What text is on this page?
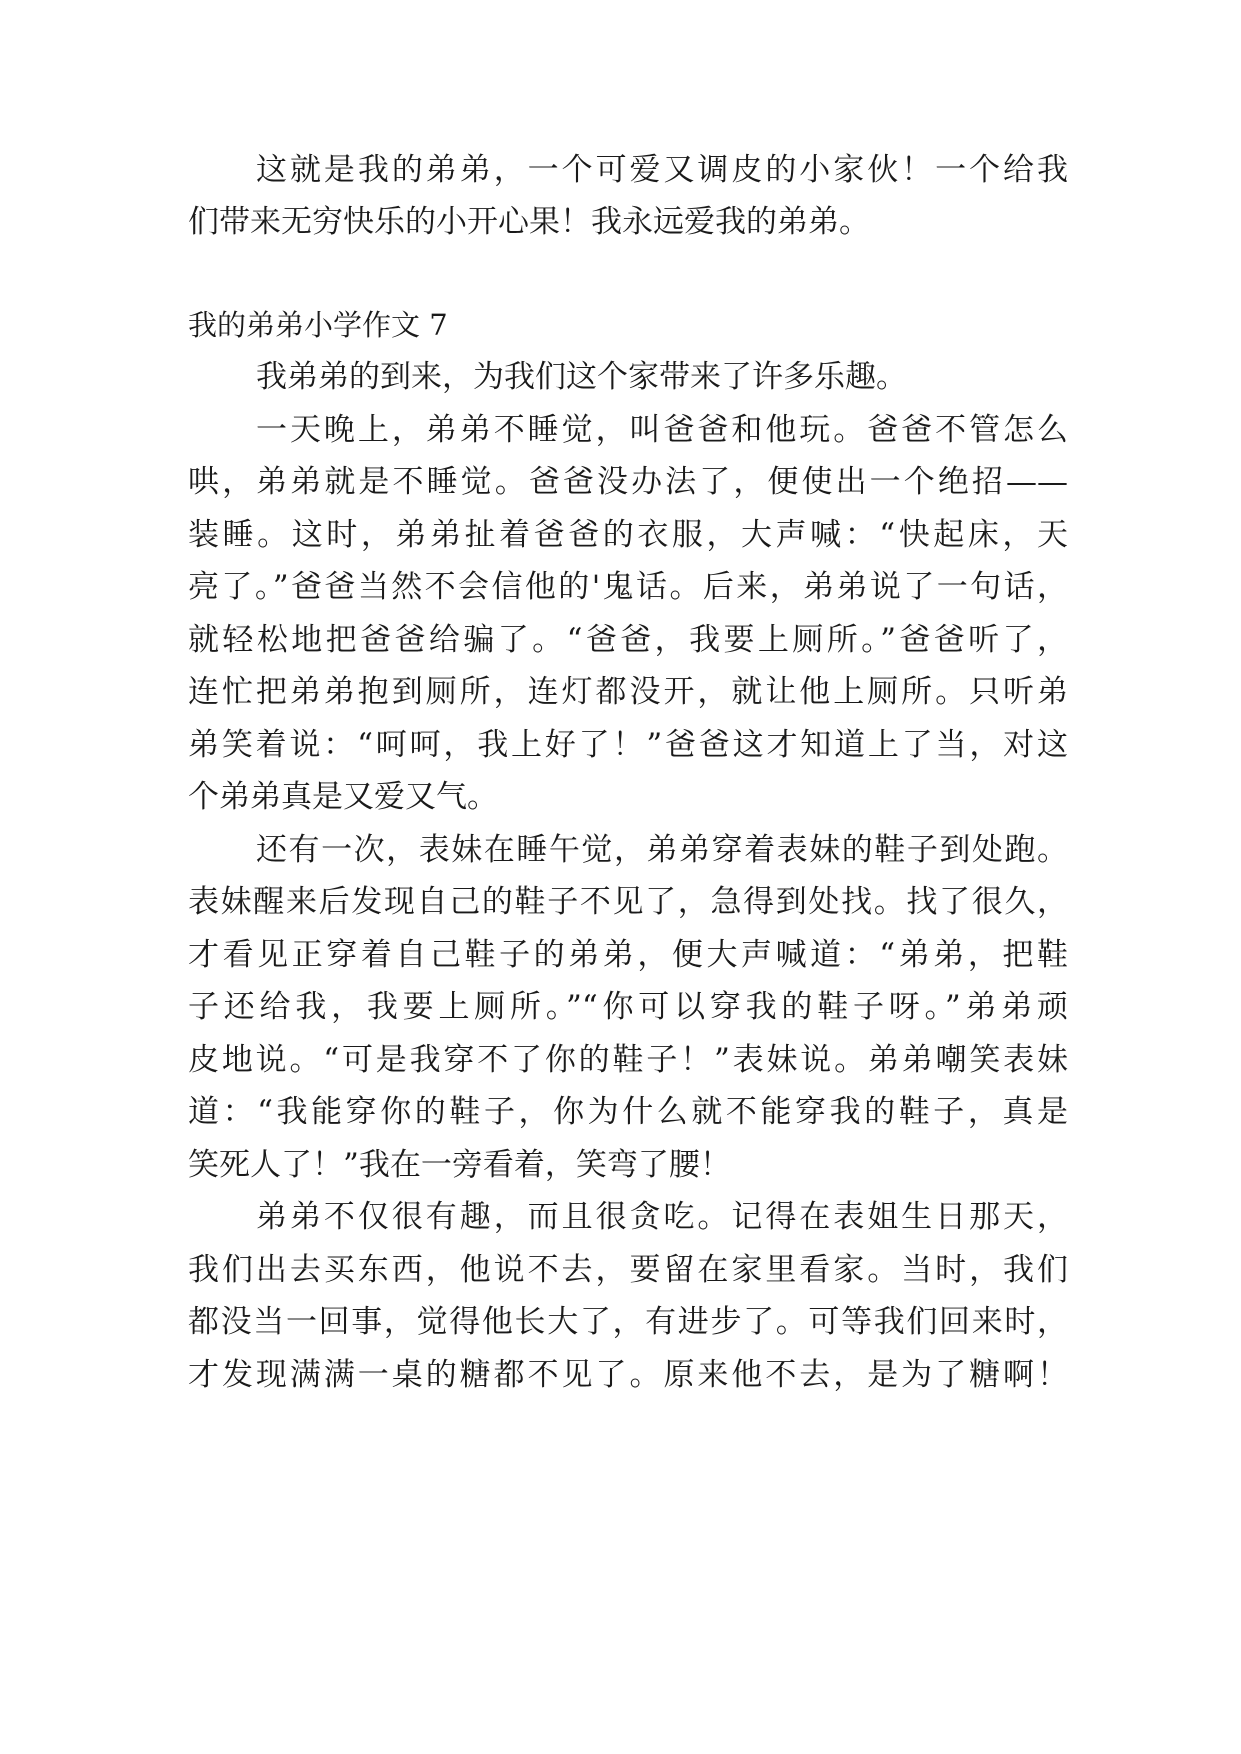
这就是我的弟弟，一个可爱又调皮的小家伙！一个给我

们带来无穷快乐的小开心果！我永远爱我的弟弟。

我的弟弟小学作文 7

我弟弟的到来，为我们这个家带来了许多乐趣。

一天晚上，弟弟不睡觉，叫爸爸和他玩。爸爸不管怎么

哄，弟弟就是不睡觉。爸爸没办法了，便使出一个绝招——

装睡。这时，弟弟扯着爸爸的衣服，大声喊：“快起床，天

亮了。”爸爸当然不会信他的'鬼话。后来，弟弟说了一句话，

就轻松地把爸爸给骗了。“爸爸，我要上厕所。”爸爸听了，

连忙把弟弟抱到厕所，连灯都没开，就让他上厕所。只听弟

弟笑着说：“呵呵，我上好了！”爸爸这才知道上了当，对这

个弟弟真是又爱又气。

还有一次，表妹在睡午觉，弟弟穿着表妹的鞋子到处跑。

表妹醒来后发现自己的鞋子不见了，急得到处找。找了很久，

才看见正穿着自己鞋子的弟弟，便大声喊道：“弟弟，把鞋

子还给我，我要上厕所。”“你可以穿我的鞋子呀。”弟弟顽

皮地说。“可是我穿不了你的鞋子！”表妹说。弟弟嘲笑表妹

道：“我能穿你的鞋子，你为什么就不能穿我的鞋子，真是

笑死人了！”我在一旁看着，笑弯了腰！

弟弟不仅很有趣，而且很贪吃。记得在表姐生日那天，

我们出去买东西，他说不去，要留在家里看家。当时，我们

都没当一回事，觉得他长大了，有进步了。可等我们回来时，

才发现满满一桌的糖都不见了。原来他不去，是为了糖啊！
